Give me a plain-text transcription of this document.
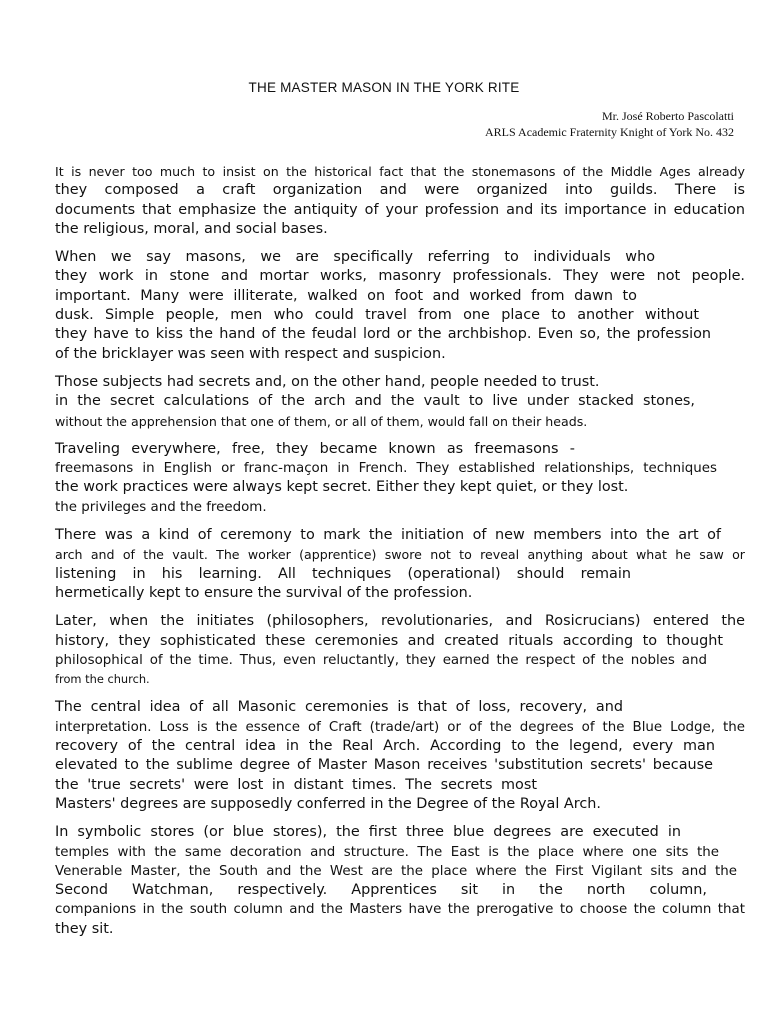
THE MASTER MASON IN THE YORK RITE
Mr. José Roberto Pascolatti
ARLS Academic Fraternity Knight of York No. 432
It is never too much to insist on the historical fact that the stonemasons of the Middle Ages already
they composed a craft organization and were organized into guilds. There is
documents that emphasize the antiquity of your profession and its importance in education
the religious, moral, and social bases.
When we say masons, we are specifically referring to individuals who
they work in stone and mortar works, masonry professionals. They were not people.
important. Many were illiterate, walked on foot and worked from dawn to
dusk. Simple people, men who could travel from one place to another without
they have to kiss the hand of the feudal lord or the archbishop. Even so, the profession
of the bricklayer was seen with respect and suspicion.
Those subjects had secrets and, on the other hand, people needed to trust.
in the secret calculations of the arch and the vault to live under stacked stones,
without the apprehension that one of them, or all of them, would fall on their heads.
Traveling everywhere, free, they became known as freemasons -
freemasons in English or franc-maçon in French. They established relationships, techniques
the work practices were always kept secret. Either they kept quiet, or they lost.
the privileges and the freedom.
There was a kind of ceremony to mark the initiation of new members into the art of
arch and of the vault. The worker (apprentice) swore not to reveal anything about what he saw or
listening in his learning. All techniques (operational) should remain
hermetically kept to ensure the survival of the profession.
Later, when the initiates (philosophers, revolutionaries, and Rosicrucians) entered the
history, they sophisticated these ceremonies and created rituals according to thought
philosophical of the time. Thus, even reluctantly, they earned the respect of the nobles and
from the church.
The central idea of all Masonic ceremonies is that of loss, recovery, and
interpretation. Loss is the essence of Craft (trade/art) or of the degrees of the Blue Lodge, the
recovery of the central idea in the Real Arch. According to the legend, every man
elevated to the sublime degree of Master Mason receives 'substitution secrets' because
the 'true secrets' were lost in distant times. The secrets most
Masters' degrees are supposedly conferred in the Degree of the Royal Arch.
In symbolic stores (or blue stores), the first three blue degrees are executed in
temples with the same decoration and structure. The East is the place where one sits the
Venerable Master, the South and the West are the place where the First Vigilant sits and the
Second Watchman, respectively. Apprentices sit in the north column,
companions in the south column and the Masters have the prerogative to choose the column that
they sit.
